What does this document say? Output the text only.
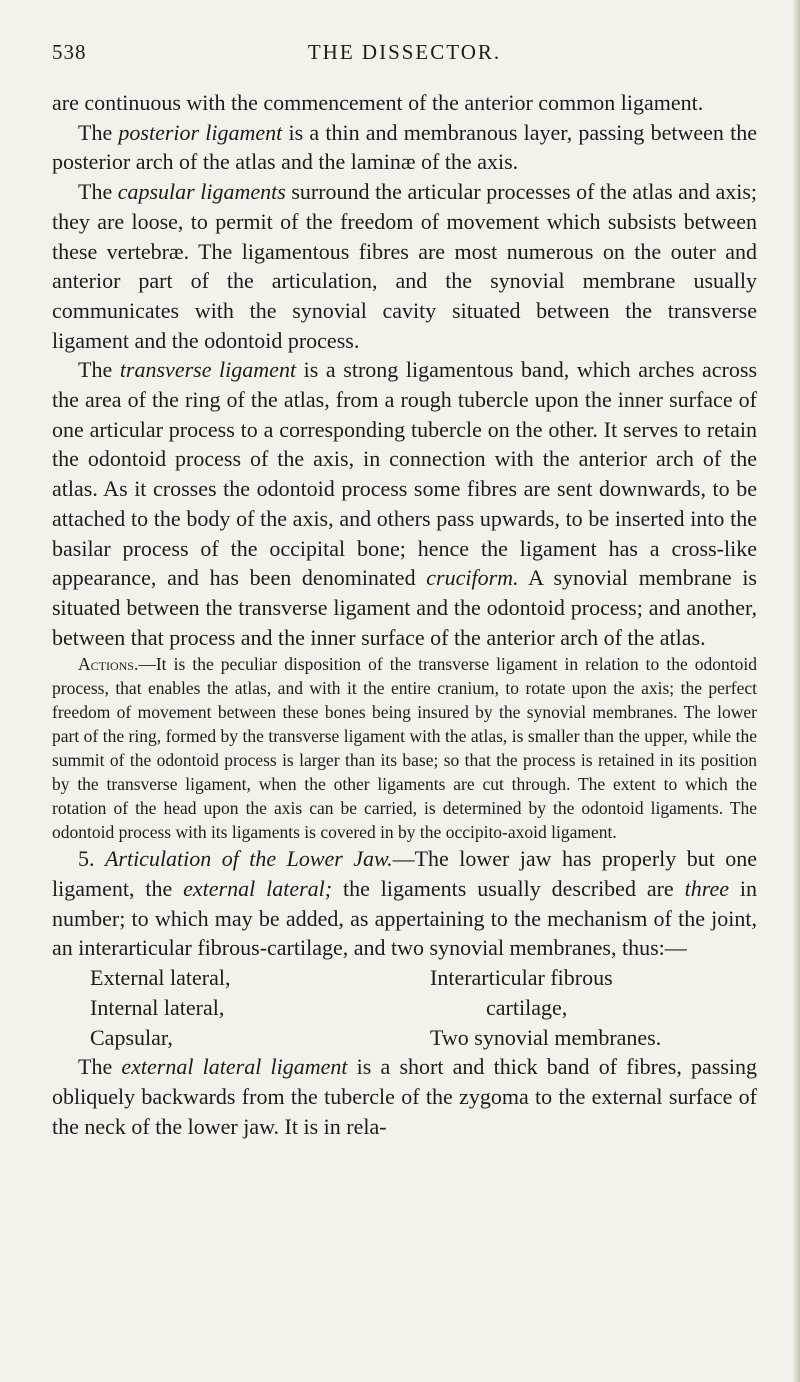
538	THE DISSECTOR.

are continuous with the commencement of the anterior common ligament.

The posterior ligament is a thin and membranous layer, passing between the posterior arch of the atlas and the laminæ of the axis.

The capsular ligaments surround the articular processes of the atlas and axis; they are loose, to permit of the freedom of movement which subsists between these vertebræ. The ligamentous fibres are most numerous on the outer and anterior part of the articulation, and the synovial membrane usually communicates with the synovial cavity situated between the transverse ligament and the odontoid process.

The transverse ligament is a strong ligamentous band, which arches across the area of the ring of the atlas, from a rough tubercle upon the inner surface of one articular process to a corresponding tubercle on the other. It serves to retain the odontoid process of the axis, in connection with the anterior arch of the atlas. As it crosses the odontoid process some fibres are sent downwards, to be attached to the body of the axis, and others pass upwards, to be inserted into the basilar process of the occipital bone; hence the ligament has a cross-like appearance, and has been denominated cruciform. A synovial membrane is situated between the transverse ligament and the odontoid process; and another, between that process and the inner surface of the anterior arch of the atlas.

Actions.—It is the peculiar disposition of the transverse ligament in relation to the odontoid process, that enables the atlas, and with it the entire cranium, to rotate upon the axis; the perfect freedom of movement between these bones being insured by the synovial membranes. The lower part of the ring, formed by the transverse ligament with the atlas, is smaller than the upper, while the summit of the odontoid process is larger than its base; so that the process is retained in its position by the transverse ligament, when the other ligaments are cut through. The extent to which the rotation of the head upon the axis can be carried, is determined by the odontoid ligaments. The odontoid process with its ligaments is covered in by the occipito-axoid ligament.

5. Articulation of the Lower Jaw.—The lower jaw has properly but one ligament, the external lateral; the ligaments usually described are three in number; to which may be added, as appertaining to the mechanism of the joint, an interarticular fibrous-cartilage, and two synovial membranes, thus:—

External lateral,
Internal lateral,
Capsular,
Interarticular fibrous
cartilage,
Two synovial membranes.

The external lateral ligament is a short and thick band of fibres, passing obliquely backwards from the tubercle of the zygoma to the external surface of the neck of the lower jaw. It is in rela-
